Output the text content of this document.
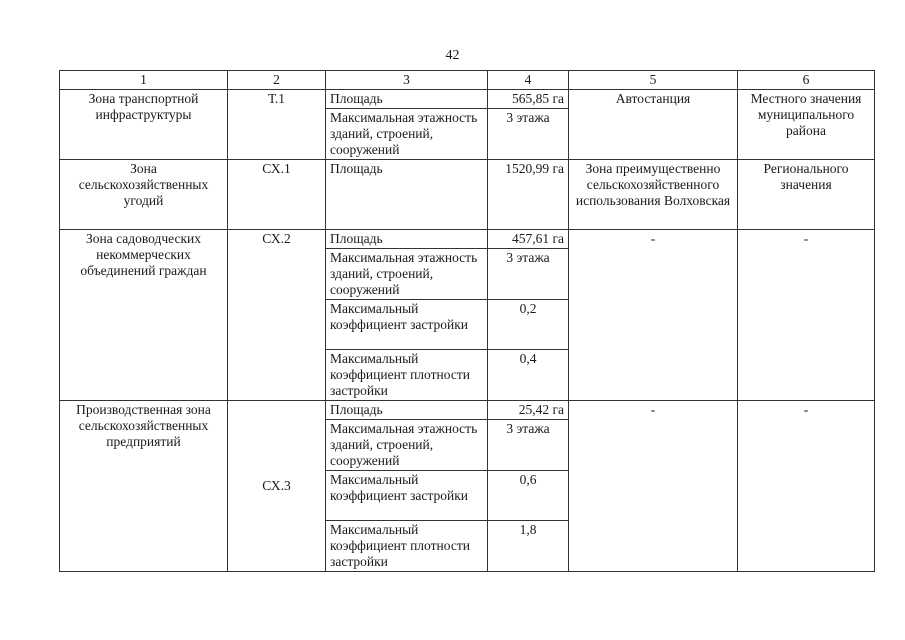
42
1	2	3	4	5	6
Зона транспортной инфраструктуры	Т.1	Площадь	565,85 га	Автостанция	Местного значения муниципального района
		Максимальная этажность зданий, строений, сооружений	3 этажа		
Зона сельскохозяйственных угодий	СХ.1	Площадь	1520,99 га	Зона преимущественно сельскохозяйственного использования Волховская	Регионального значения
Зона садоводческих некоммерческих объединений граждан	СХ.2	Площадь	457,61 га	-	-
		Максимальная этажность зданий, строений, сооружений	3 этажа		
		Максимальный коэффициент застройки	0,2		
		Максимальный коэффициент плотности застройки	0,4		
Производственная зона сельскохозяйственных предприятий	СХ.3	Площадь	25,42 га	-	-
		Максимальная этажность зданий, строений, сооружений	3 этажа		
		Максимальный коэффициент застройки	0,6		
		Максимальный коэффициент плотности застройки	1,8		
